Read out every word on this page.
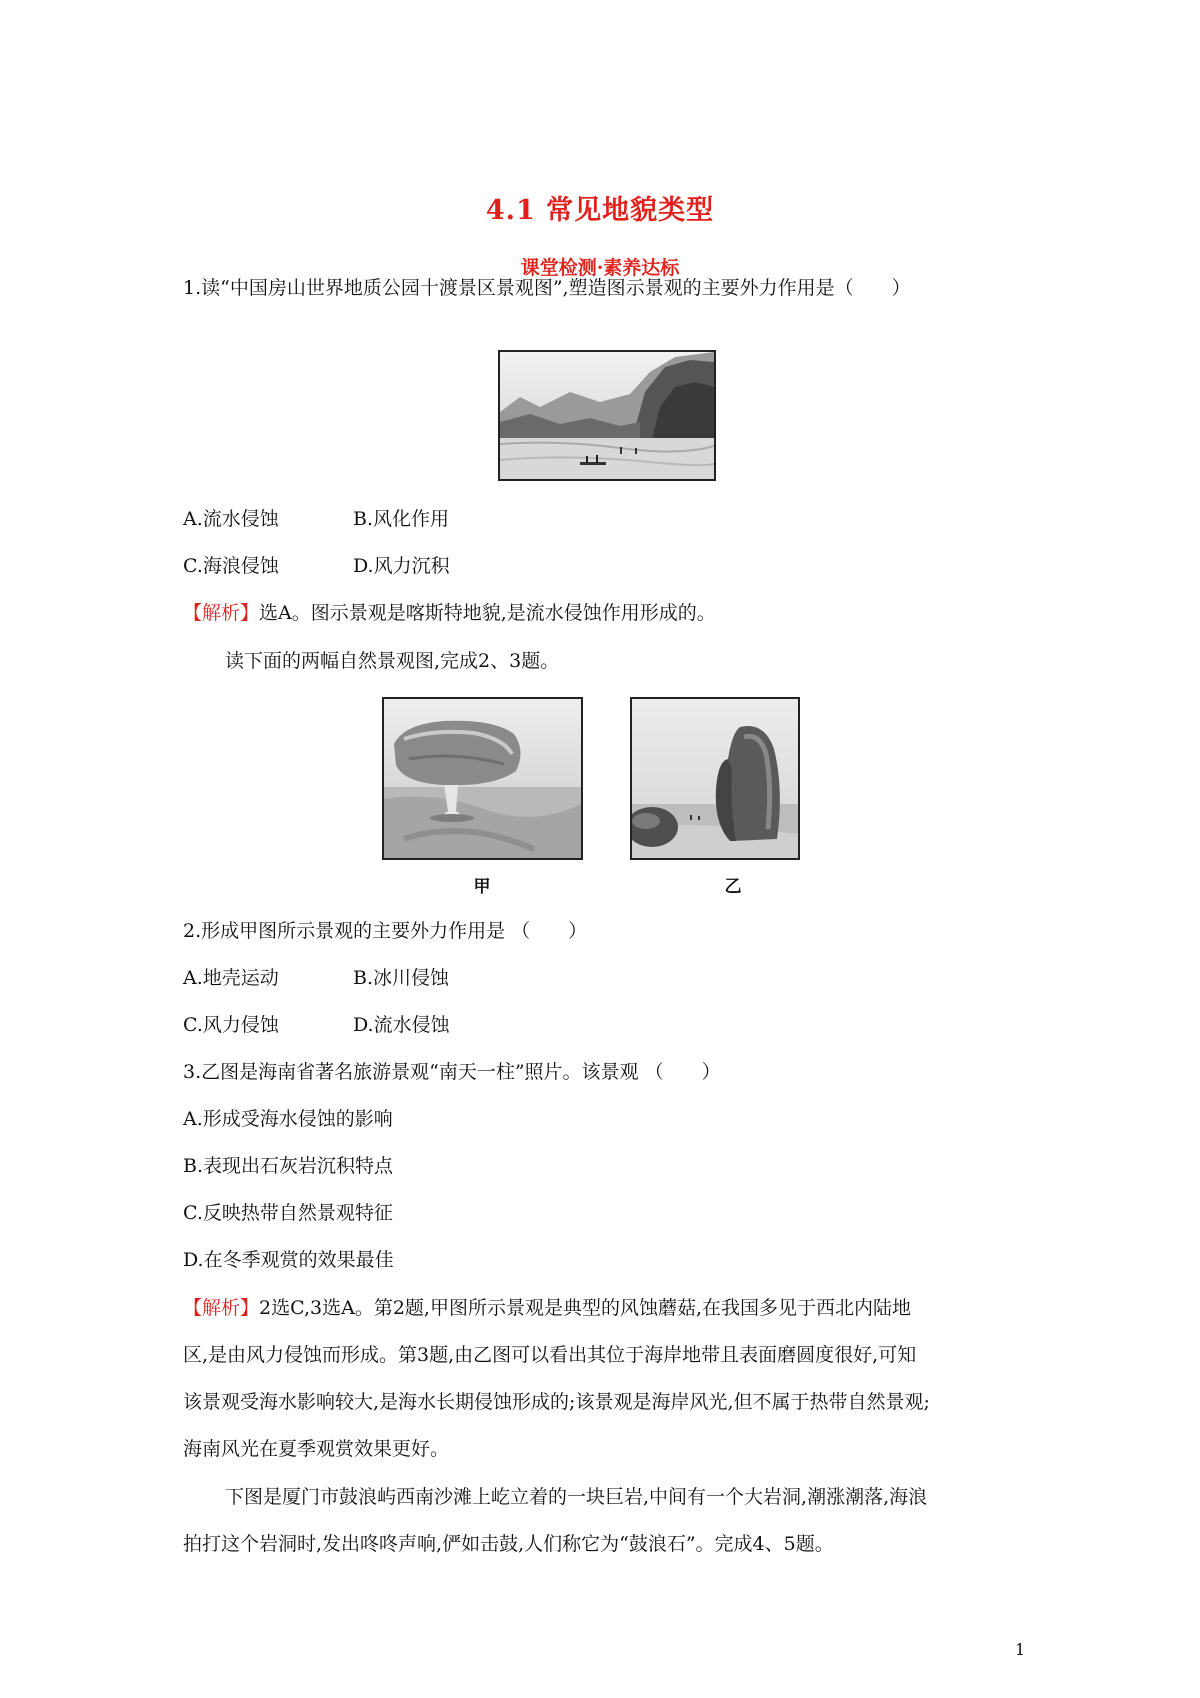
4.1 常见地貌类型
课堂检测·素养达标
1.读“中国房山世界地质公园十渡景区景观图”,塑造图示景观的主要外力作用是（　　）
A.流水侵蚀	B.风化作用
C.海浪侵蚀	D.风力沉积
【解析】选A。图示景观是喀斯特地貌,是流水侵蚀作用形成的。
读下面的两幅自然景观图,完成2、3题。
甲	乙
2.形成甲图所示景观的主要外力作用是 （　　）
A.地壳运动	B.冰川侵蚀
C.风力侵蚀	D.流水侵蚀
3.乙图是海南省著名旅游景观“南天一柱”照片。该景观 （　　）
A.形成受海水侵蚀的影响
B.表现出石灰岩沉积特点
C.反映热带自然景观特征
D.在冬季观赏的效果最佳
【解析】2选C,3选A。第2题,甲图所示景观是典型的风蚀蘑菇,在我国多见于西北内陆地
区,是由风力侵蚀而形成。第3题,由乙图可以看出其位于海岸地带且表面磨圆度很好,可知
该景观受海水影响较大,是海水长期侵蚀形成的;该景观是海岸风光,但不属于热带自然景观;
海南风光在夏季观赏效果更好。
下图是厦门市鼓浪屿西南沙滩上屹立着的一块巨岩,中间有一个大岩洞,潮涨潮落,海浪
拍打这个岩洞时,发出咚咚声响,俨如击鼓,人们称它为“鼓浪石”。完成4、5题。
1
